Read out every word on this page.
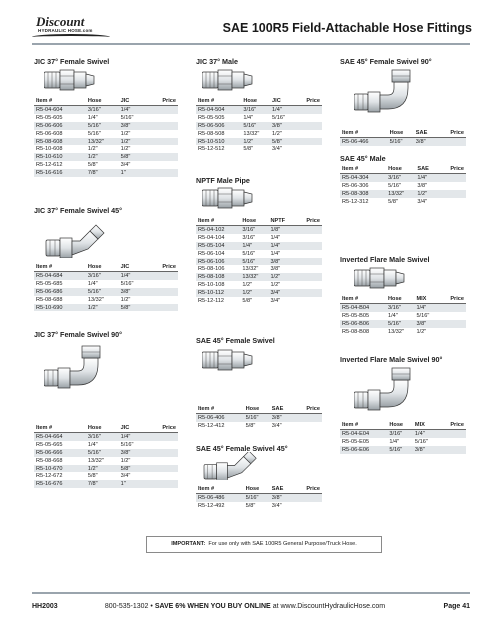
Discount
HYDRAULIC HOSE.com	SAE 100R5 Field-Attachable Hose Fittings
JIC 37° Female Swivel
Item #	Hose	JIC	Price
R5-04-604	3/16"	1/4"	
R5-05-605	1/4"	5/16"	
R5-06-606	5/16"	3/8"	
R5-06-608	5/16"	1/2"	
R5-08-608	13/32"	1/2"	
R5-10-608	1/2"	1/2"	
R5-10-610	1/2"	5/8"	
R5-12-612	5/8"	3/4"	
R5-16-616	7/8"	1"	
JIC 37° Female Swivel 45°
Item #	Hose	JIC	Price
R5-04-684	3/16"	1/4"	
R5-05-685	1/4"	5/16"	
R5-06-686	5/16"	3/8"	
R5-08-688	13/32"	1/2"	
R5-10-690	1/2"	5/8"	
JIC 37° Female Swivel 90°
Item #	Hose	JIC	Price
R5-04-664	3/16"	1/4"	
R5-05-665	1/4"	5/16"	
R5-06-666	5/16"	3/8"	
R5-08-668	13/32"	1/2"	
R5-10-670	1/2"	5/8"	
R5-12-672	5/8"	3/4"	
R5-16-676	7/8"	1"	
JIC 37° Male
Item #	Hose	JIC	Price
R5-04-504	3/16"	1/4"	
R5-05-505	1/4"	5/16"	
R5-06-506	5/16"	3/8"	
R5-08-508	13/32"	1/2"	
R5-10-510	1/2"	5/8"	
R5-12-512	5/8"	3/4"	
NPTF Male Pipe
Item #	Hose	NPTF	Price
R5-04-102	3/16"	1/8"	
R5-04-104	3/16"	1/4"	
R5-05-104	1/4"	1/4"	
R5-06-104	5/16"	1/4"	
R5-06-106	5/16"	3/8"	
R5-08-106	13/32"	3/8"	
R5-08-108	13/32"	1/2"	
R5-10-108	1/2"	1/2"	
R5-10-112	1/2"	3/4"	
R5-12-112	5/8"	3/4"	
SAE 45° Female Swivel
Item #	Hose	SAE	Price
R5-06-406	5/16"	3/8"	
R5-12-412	5/8"	3/4"	
SAE 45° Female Swivel 45°
Item #	Hose	SAE	Price
R5-06-486	5/16"	3/8"	
R5-12-492	5/8"	3/4"	
SAE 45° Female Swivel 90°
Item #	Hose	SAE	Price
R5-06-466	5/16"	3/8"	
SAE 45° Male
Item #	Hose	SAE	Price
R5-04-304	3/16"	1/4"	
R5-06-306	5/16"	3/8"	
R5-08-308	13/32"	1/2"	
R5-12-312	5/8"	3/4"	
Inverted Flare Male Swivel
Item #	Hose	MIX	Price
R5-04-B04	3/16"	1/4"	
R5-05-B05	1/4"	5/16"	
R5-06-B06	5/16"	3/8"	
R5-08-B08	13/32"	1/2"	
Inverted Flare Male Swivel 90°
Item #	Hose	MIX	Price
R5-04-E04	3/16"	1/4"	
R5-05-E05	1/4"	5/16"	
R5-06-E06	5/16"	3/8"	
IMPORTANT: For use only with SAE 100R5 General Purpose/Truck Hose.
HH2003	800-535-1302 • SAVE 6% WHEN YOU BUY ONLINE at www.DiscountHydraulicHose.com	Page 41
